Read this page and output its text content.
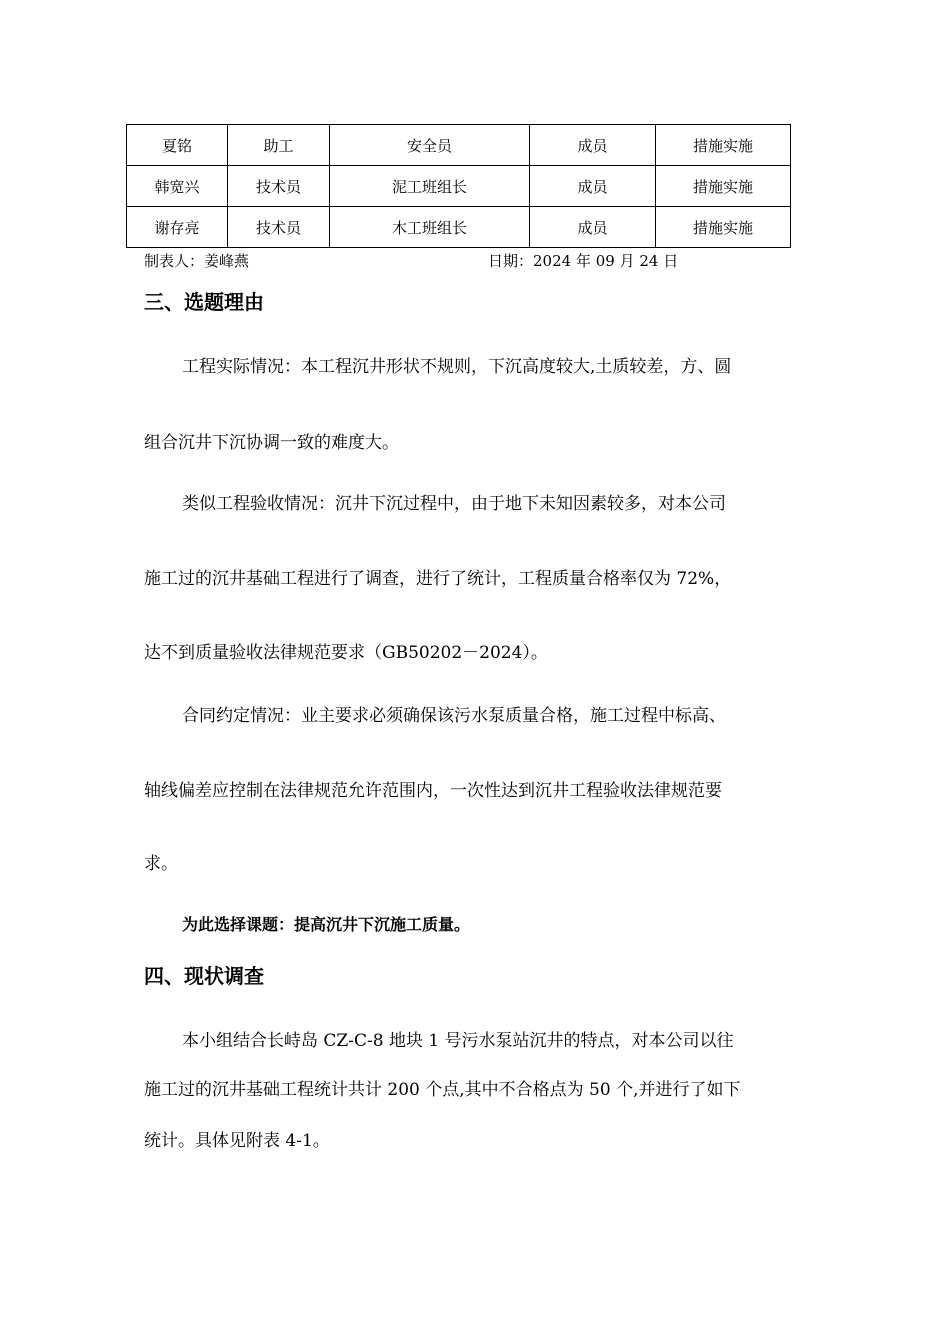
夏铭	助工	安全员	成员	措施实施
韩宽兴	技术员	泥工班组长	成员	措施实施
谢存亮	技术员	木工班组长	成员	措施实施
制表人：姜峰燕	日期：2024 年 09 月 24 日
三、选题理由
工程实际情况：本工程沉井形状不规则，下沉高度较大,土质较差，方、圆
组合沉井下沉协调一致的难度大。
类似工程验收情况：沉井下沉过程中，由于地下未知因素较多，对本公司
施工过的沉井基础工程进行了调查，进行了统计，工程质量合格率仅为 72%，
达不到质量验收法律规范要求（GB50202－2024）。
合同约定情况：业主要求必须确保该污水泵质量合格，施工过程中标高、
轴线偏差应控制在法律规范允许范围内，一次性达到沉井工程验收法律规范要
求。
为此选择课题：提高沉井下沉施工质量。
四、现状调查
本小组结合长峙岛 CZ-C-8 地块 1 号污水泵站沉井的特点，对本公司以往
施工过的沉井基础工程统计共计 200 个点,其中不合格点为 50 个,并进行了如下
统计。具体见附表 4-1。
